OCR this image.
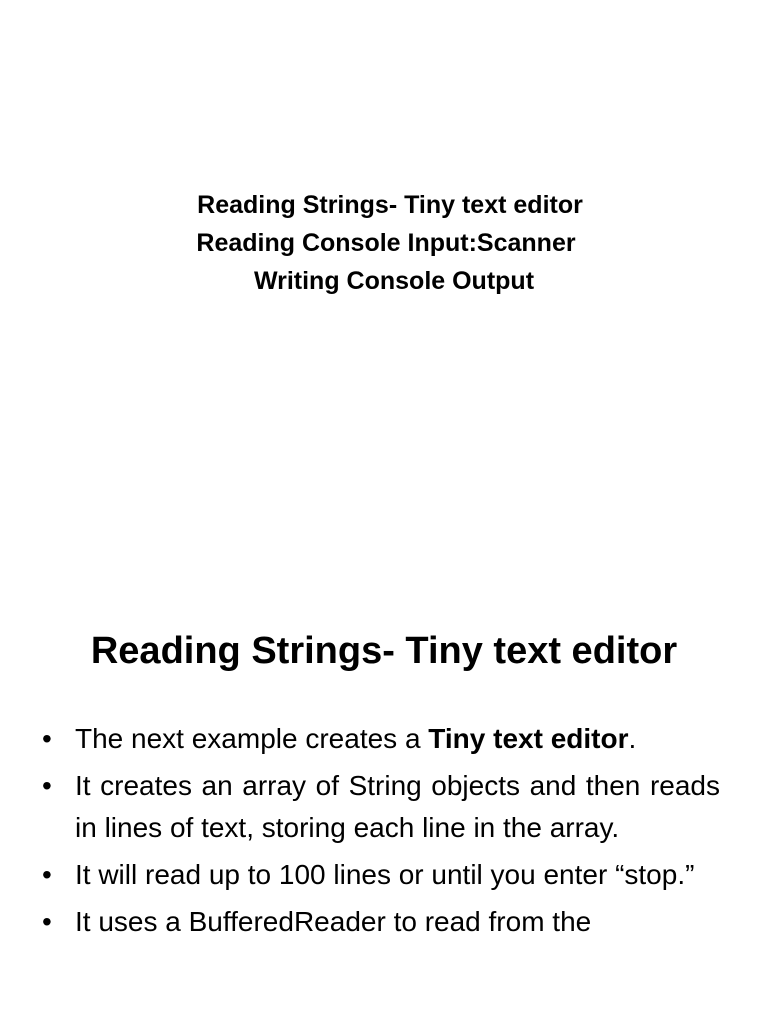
Reading Strings- Tiny text editor
Reading Console Input:Scanner
Writing Console Output
Reading Strings- Tiny text editor
• The next example creates a Tiny text editor.
• It creates an array of String objects and then reads in lines of text, storing each line in the array.
• It will read up to 100 lines or until you enter “stop.”
• It uses a BufferedReader to read from the
